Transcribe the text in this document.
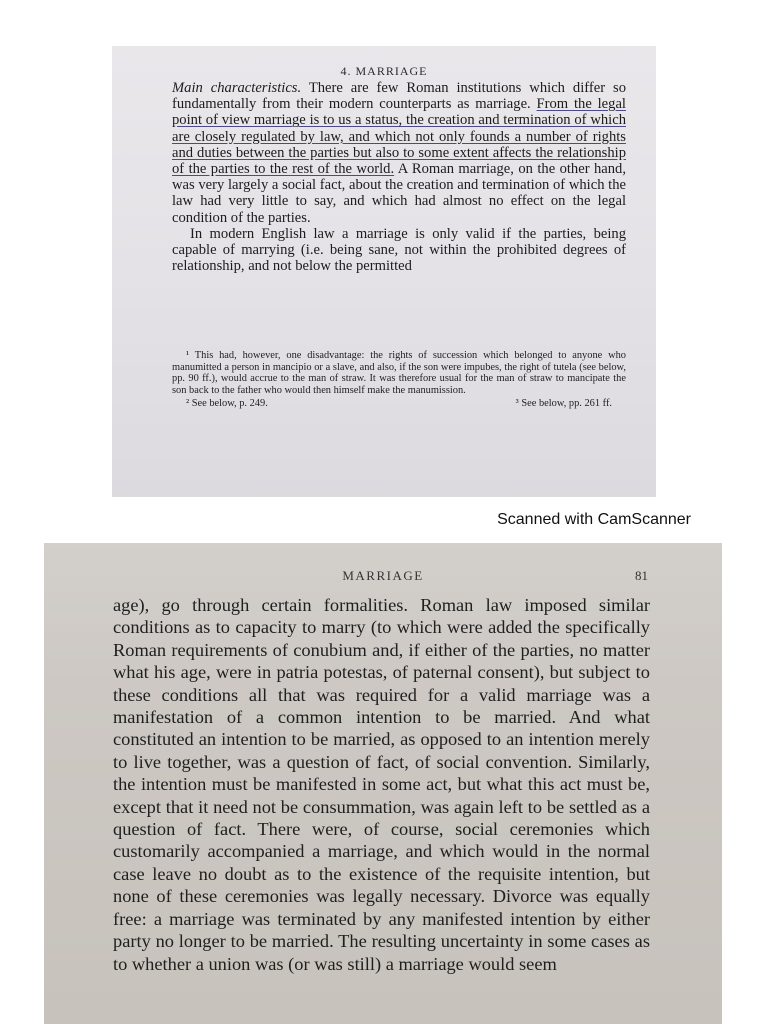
4. MARRIAGE

Main characteristics. There are few Roman institutions which differ so fundamentally from their modern counterparts as marriage. From the legal point of view marriage is to us a status, the creation and termination of which are closely regulated by law, and which not only founds a number of rights and duties between the parties but also to some extent affects the relationship of the parties to the rest of the world. A Roman marriage, on the other hand, was very largely a social fact, about the creation and termination of which the law had very little to say, and which had almost no effect on the legal condition of the parties.

In modern English law a marriage is only valid if the parties, being capable of marrying (i.e. being sane, not within the prohibited degrees of relationship, and not below the permitted

¹ This had, however, one disadvantage: the rights of succession which belonged to anyone who manumitted a person in mancipio or a slave, and also, if the son were impubes, the right of tutela (see below, pp. 90 ff.), would accrue to the man of straw. It was therefore usual for the man of straw to mancipate the son back to the father who would then himself make the manumission.

² See below, p. 249.	³ See below, pp. 261 ff.
Scanned with CamScanner
MARRIAGE	81

age), go through certain formalities. Roman law imposed similar conditions as to capacity to marry (to which were added the specifically Roman requirements of conubium and, if either of the parties, no matter what his age, were in patria potestas, of paternal consent), but subject to these conditions all that was required for a valid marriage was a manifestation of a common intention to be married. And what constituted an intention to be married, as opposed to an intention merely to live together, was a question of fact, of social convention. Similarly, the intention must be manifested in some act, but what this act must be, except that it need not be consummation, was again left to be settled as a question of fact. There were, of course, social ceremonies which customarily accompanied a marriage, and which would in the normal case leave no doubt as to the existence of the requisite intention, but none of these ceremonies was legally necessary. Divorce was equally free: a marriage was terminated by any manifested intention by either party no longer to be married. The resulting uncertainty in some cases as to whether a union was (or was still) a marriage would seem
